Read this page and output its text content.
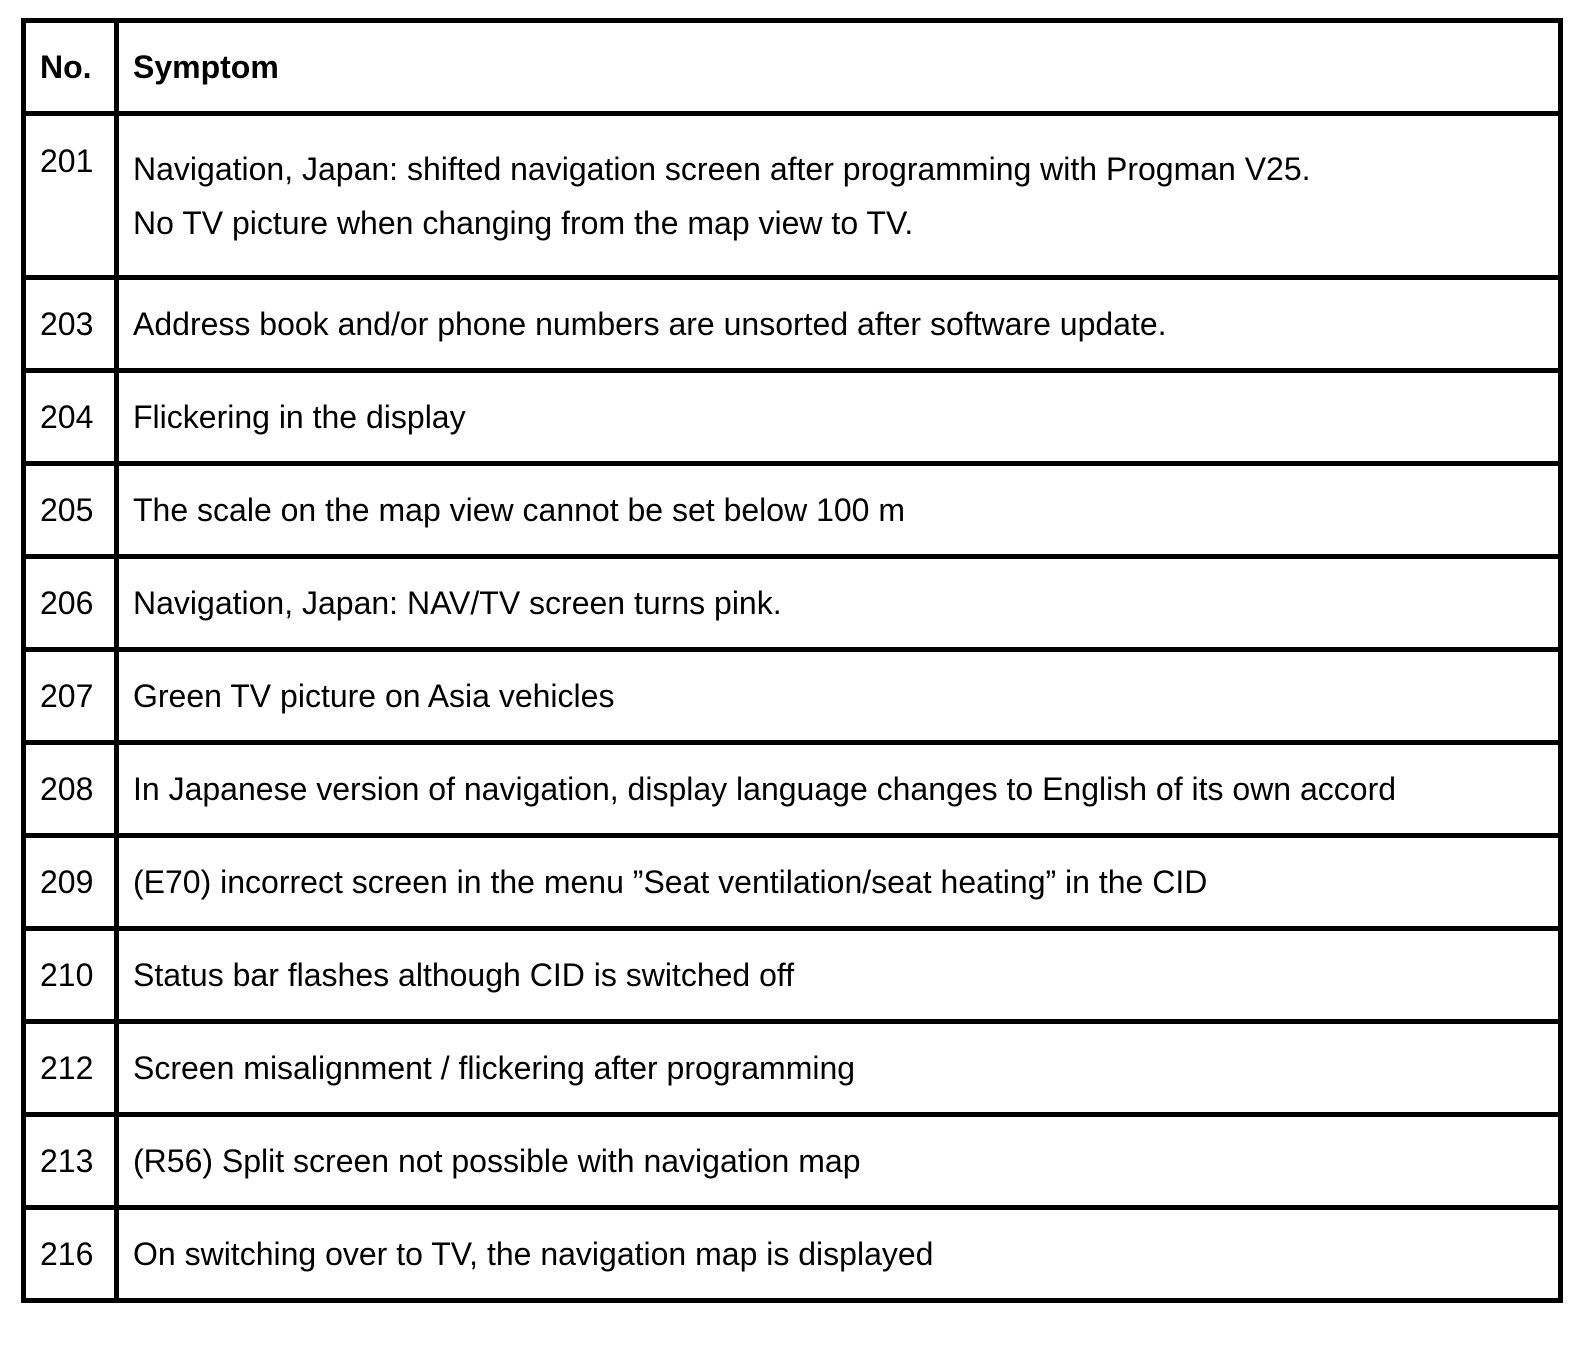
No.	Symptom
201	Navigation, Japan: shifted navigation screen after programming with Progman V25.
No TV picture when changing from the map view to TV.

203	Address book and/or phone numbers are unsorted after software update.
204	Flickering in the display
205	The scale on the map view cannot be set below 100 m
206	Navigation, Japan: NAV/TV screen turns pink.
207	Green TV picture on Asia vehicles
208	In Japanese version of navigation, display language changes to English of its own accord
209	(E70) incorrect screen in the menu ”Seat ventilation/seat heating” in the CID
210	Status bar flashes although CID is switched off
212	Screen misalignment / flickering after programming
213	(R56) Split screen not possible with navigation map
216	On switching over to TV, the navigation map is displayed
